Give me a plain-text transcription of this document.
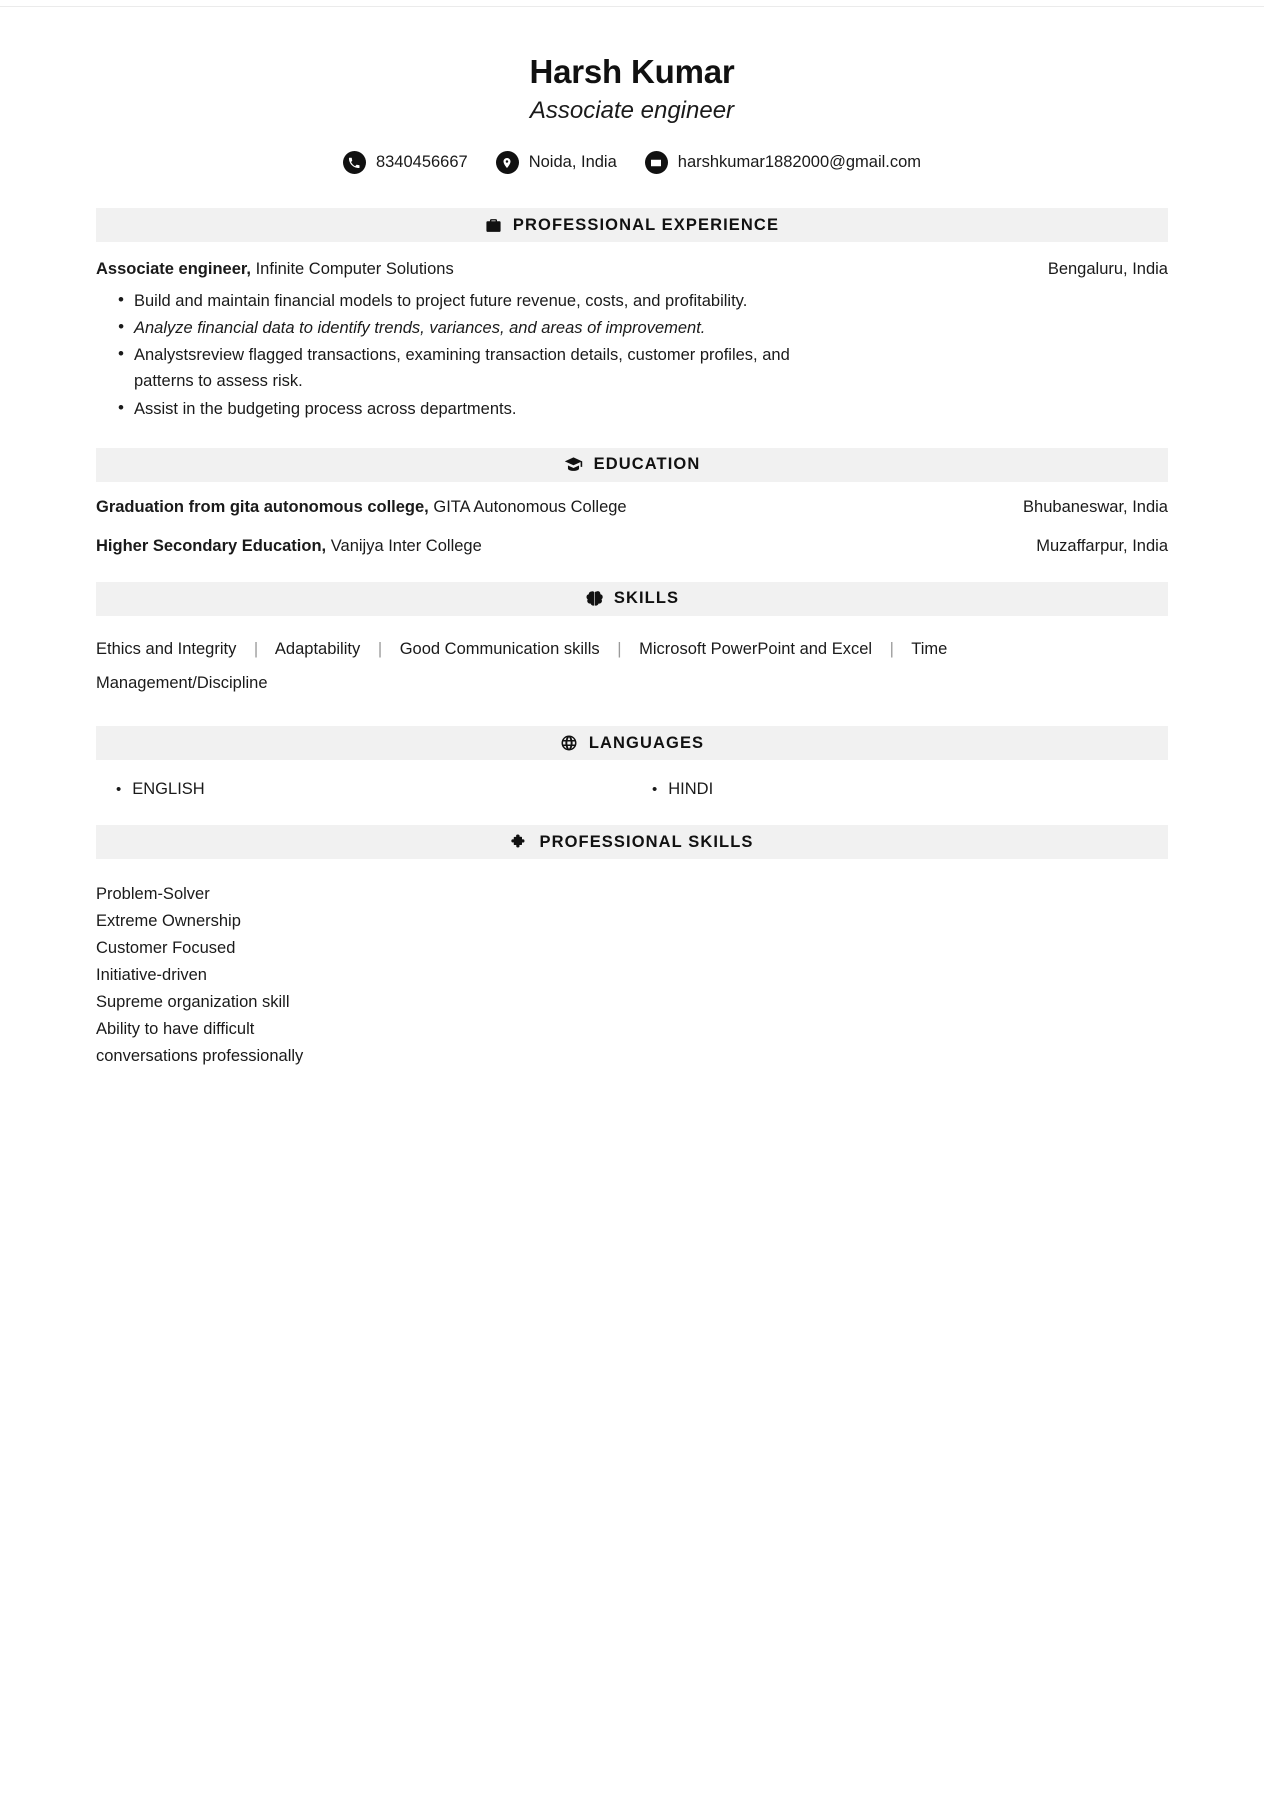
Harsh Kumar
Associate engineer
8340456667	Noida, India	harshkumar1882000@gmail.com
PROFESSIONAL EXPERIENCE
Associate engineer, Infinite Computer Solutions	Bengaluru, India
• Build and maintain financial models to project future revenue, costs, and profitability.
• Analyze financial data to identify trends, variances, and areas of improvement.
• Analystsreview flagged transactions, examining transaction details, customer profiles, and patterns to assess risk.
• Assist in the budgeting process across departments.
EDUCATION
Graduation from gita autonomous college, GITA Autonomous College	Bhubaneswar, India
Higher Secondary Education, Vanijya Inter College	Muzaffarpur, India
SKILLS
Ethics and Integrity | Adaptability | Good Communication skills | Microsoft PowerPoint and Excel | Time Management/Discipline
LANGUAGES
• ENGLISH	• HINDI
PROFESSIONAL SKILLS
Problem-Solver
Extreme Ownership
Customer Focused
Initiative-driven
Supreme organization skill
Ability to have difficult
conversations professionally
